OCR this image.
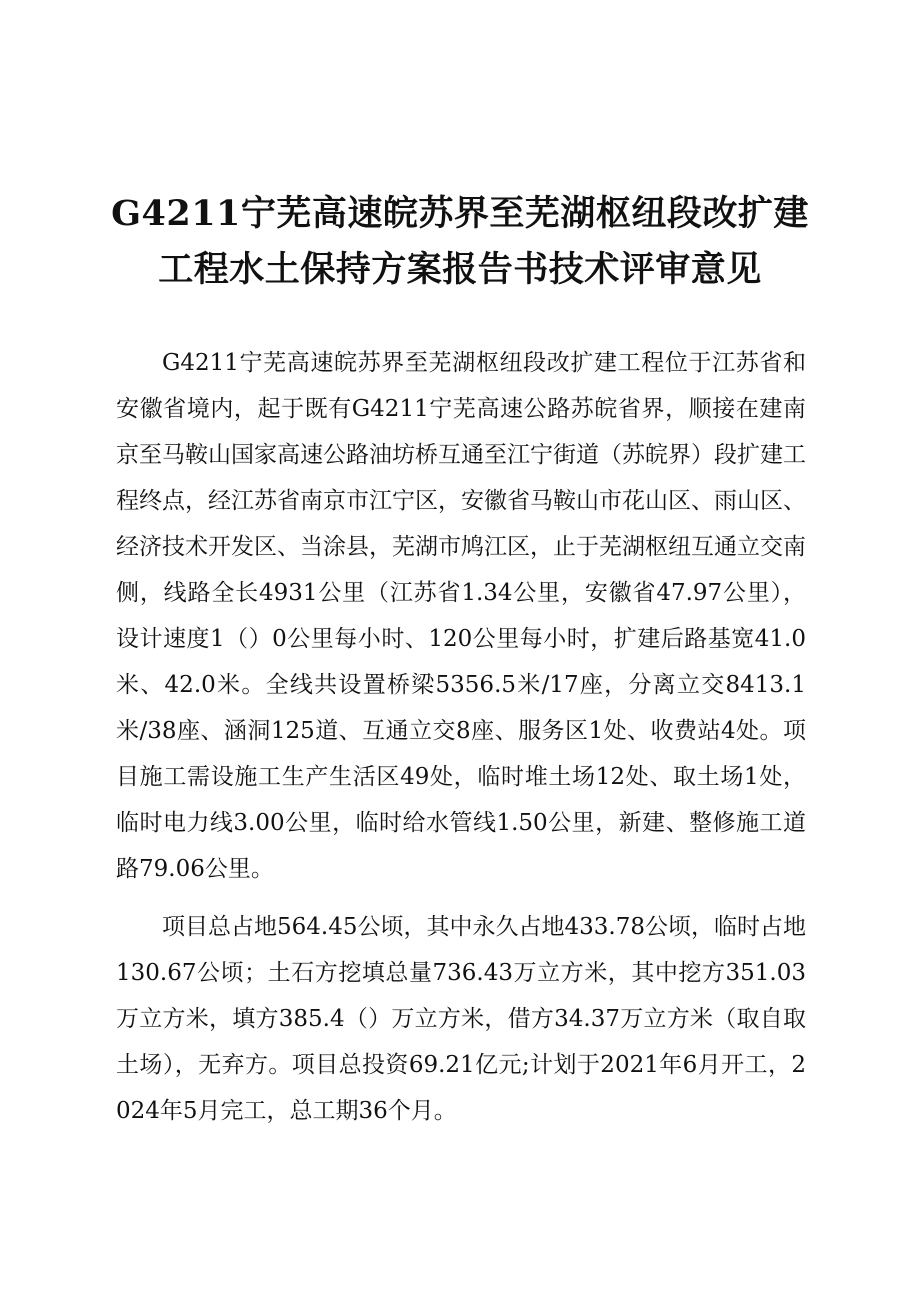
G4211宁芜高速皖苏界至芜湖枢纽段改扩建
工程水土保持方案报告书技术评审意见

G4211宁芜高速皖苏界至芜湖枢纽段改扩建工程位于江苏省和安徽省境内，起于既有G4211宁芜高速公路苏皖省界，顺接在建南京至马鞍山国家高速公路油坊桥互通至江宁街道（苏皖界）段扩建工程终点，经江苏省南京市江宁区，安徽省马鞍山市花山区、雨山区、经济技术开发区、当涂县，芜湖市鸠江区，止于芜湖枢纽互通立交南侧，线路全长4931公里（江苏省1.34公里，安徽省47.97公里），设计速度1（）0公里每小时、120公里每小时，扩建后路基宽41.0米、42.0米。全线共设置桥梁5356.5米/17座，分离立交8413.1米/38座、涵洞125道、互通立交8座、服务区1处、收费站4处。项目施工需设施工生产生活区49处，临时堆土场12处、取土场1处，临时电力线3.00公里，临时给水管线1.50公里，新建、整修施工道路79.06公里。

项目总占地564.45公顷，其中永久占地433.78公顷，临时占地130.67公顷；土石方挖填总量736.43万立方米，其中挖方351.03万立方米，填方385.4（）万立方米，借方34.37万立方米（取自取土场），无弃方。项目总投资69.21亿元;计划于2021年6月开工，2024年5月完工，总工期36个月。
